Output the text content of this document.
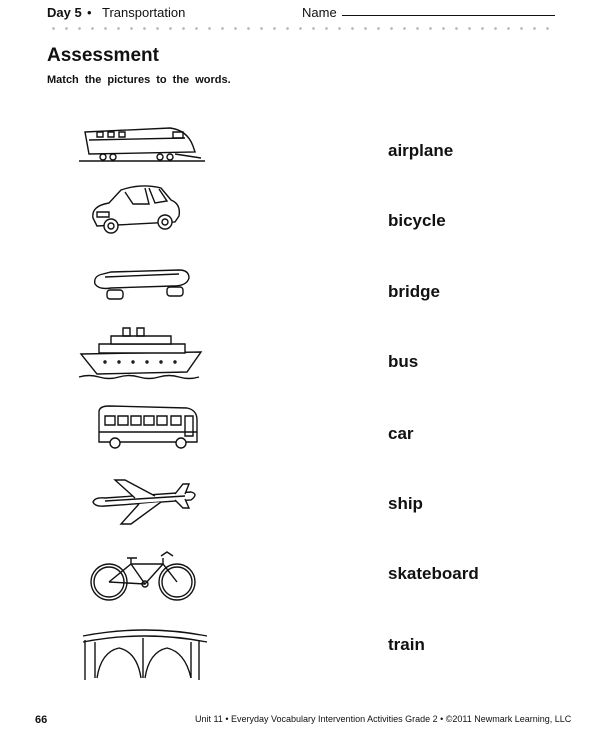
Day 5 • Transportation	Name
Assessment
Match the pictures to the words.
airplane
bicycle
bridge
bus
car
ship
skateboard
train
66	Unit 11 • Everyday Vocabulary Intervention Activities Grade 2 • ©2011 Newmark Learning, LLC
